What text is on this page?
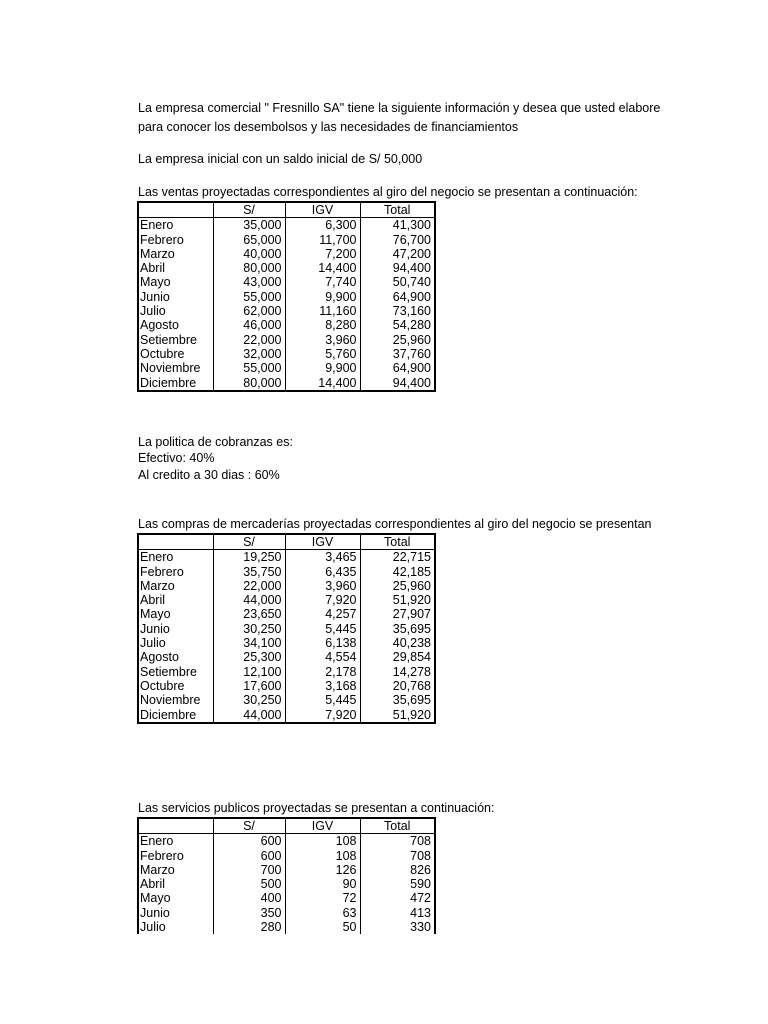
La empresa comercial " Fresnillo SA" tiene la siguiente información y desea que usted elabore
para conocer los desembolsos y las necesidades de financiamientos
La empresa inicial con un saldo inicial de S/ 50,000
Las ventas proyectadas correspondientes al giro del negocio se presentan a continuación:
	S/	IGV	Total
Enero	35,000	6,300	41,300
Febrero	65,000	11,700	76,700
Marzo	40,000	7,200	47,200
Abril	80,000	14,400	94,400
Mayo	43,000	7,740	50,740
Junio	55,000	9,900	64,900
Julio	62,000	11,160	73,160
Agosto	46,000	8,280	54,280
Setiembre	22,000	3,960	25,960
Octubre	32,000	5,760	37,760
Noviembre	55,000	9,900	64,900
Diciembre	80,000	14,400	94,400
La politica de cobranzas es:
Efectivo: 40%
Al credito a 30 dias : 60%
Las compras de mercaderías proyectadas correspondientes al giro del negocio se presentan
	S/	IGV	Total
Enero	19,250	3,465	22,715
Febrero	35,750	6,435	42,185
Marzo	22,000	3,960	25,960
Abril	44,000	7,920	51,920
Mayo	23,650	4,257	27,907
Junio	30,250	5,445	35,695
Julio	34,100	6,138	40,238
Agosto	25,300	4,554	29,854
Setiembre	12,100	2,178	14,278
Octubre	17,600	3,168	20,768
Noviembre	30,250	5,445	35,695
Diciembre	44,000	7,920	51,920
Las servicios publicos proyectadas se presentan a continuación:
	S/	IGV	Total
Enero	600	108	708
Febrero	600	108	708
Marzo	700	126	826
Abril	500	90	590
Mayo	400	72	472
Junio	350	63	413
Julio	280	50	330
